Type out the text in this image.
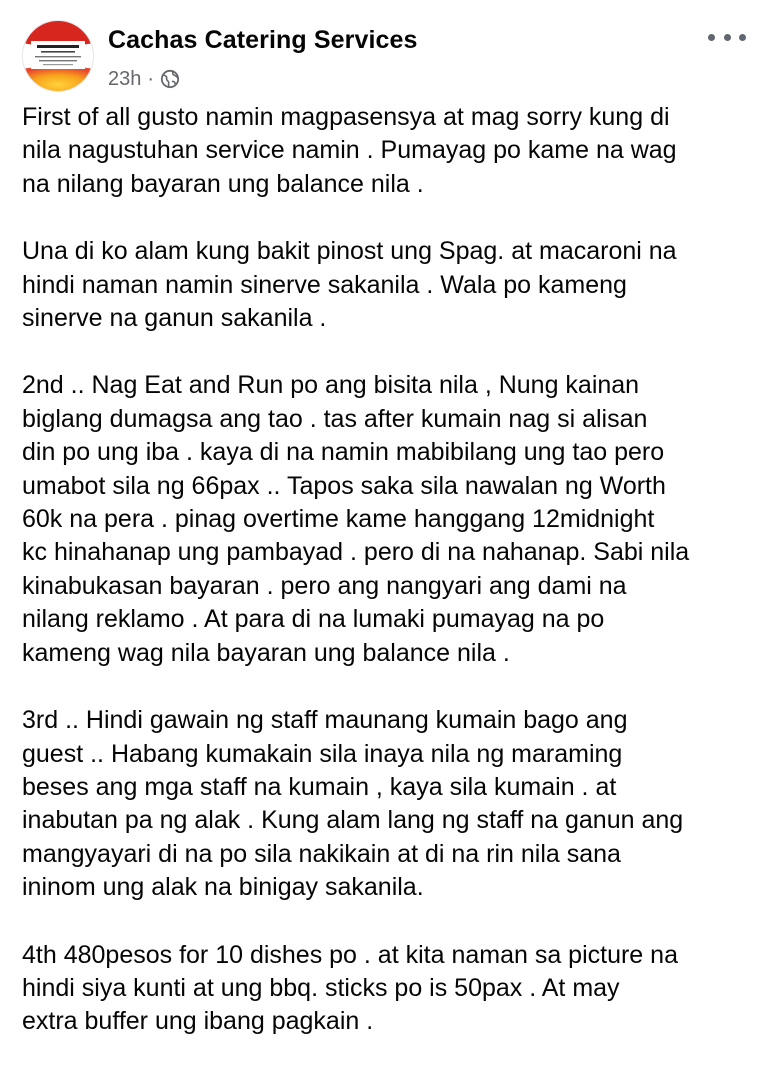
Cachas Catering Services
23h ·

First of all gusto namin magpasensya at mag sorry kung di
nila nagustuhan service namin . Pumayag po kame na wag
na nilang bayaran ung balance nila .

Una di ko alam kung bakit pinost ung Spag. at macaroni na
hindi naman namin sinerve sakanila . Wala po kameng
sinerve na ganun sakanila .

2nd .. Nag Eat and Run po ang bisita nila , Nung kainan
biglang dumagsa ang tao . tas after kumain nag si alisan
din po ung iba . kaya di na namin mabibilang ung tao pero
umabot sila ng 66pax .. Tapos saka sila nawalan ng Worth
60k na pera . pinag overtime kame hanggang 12midnight
kc hinahanap ung pambayad . pero di na nahanap. Sabi nila
kinabukasan bayaran . pero ang nangyari ang dami na
nilang reklamo . At para di na lumaki pumayag na po
kameng wag nila bayaran ung balance nila .

3rd .. Hindi gawain ng staff maunang kumain bago ang
guest .. Habang kumakain sila inaya nila ng maraming
beses ang mga staff na kumain , kaya sila kumain . at
inabutan pa ng alak . Kung alam lang ng staff na ganun ang
mangyayari di na po sila nakikain at di na rin nila sana
ininom ung alak na binigay sakanila.

4th 480pesos for 10 dishes po . at kita naman sa picture na
hindi siya kunti at ung bbq. sticks po is 50pax . At may
extra buffer ung ibang pagkain .
